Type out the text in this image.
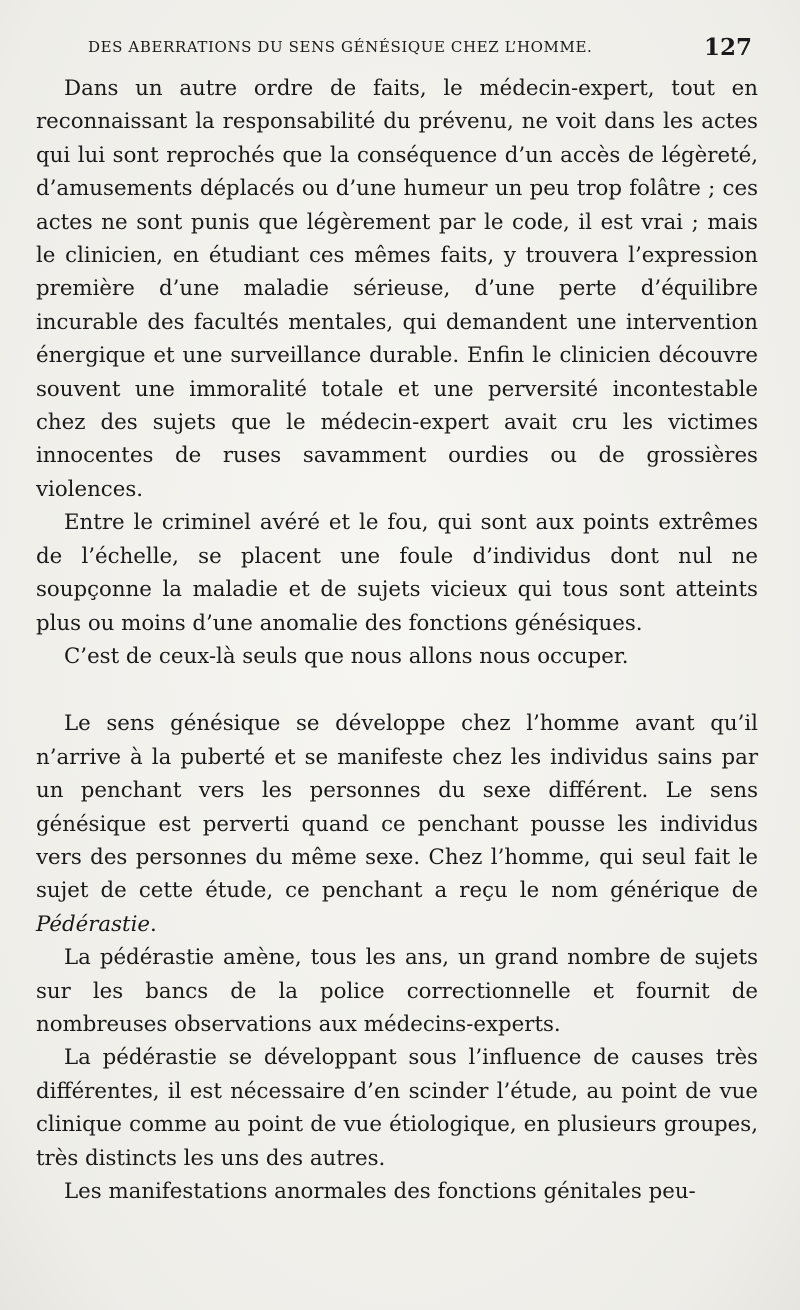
DES ABERRATIONS DU SENS GÉNÉSIQUE CHEZ L’HOMME.	127

Dans un autre ordre de faits, le médecin-expert, tout en reconnaissant la responsabilité du prévenu, ne voit dans les actes qui lui sont reprochés que la conséquence d’un accès de légèreté, d’amusements déplacés ou d’une humeur un peu trop folâtre ; ces actes ne sont punis que légèrement par le code, il est vrai ; mais le clinicien, en étudiant ces mêmes faits, y trouvera l’expression première d’une maladie sérieuse, d’une perte d’équilibre incurable des facultés mentales, qui demandent une intervention énergique et une surveillance durable. Enfin le clinicien découvre souvent une immoralité totale et une perversité incontestable chez des sujets que le médecin-expert avait cru les victimes innocentes de ruses savamment ourdies ou de grossières violences.

Entre le criminel avéré et le fou, qui sont aux points extrêmes de l’échelle, se placent une foule d’individus dont nul ne soupçonne la maladie et de sujets vicieux qui tous sont atteints plus ou moins d’une anomalie des fonctions génésiques.

C’est de ceux-là seuls que nous allons nous occuper.

Le sens génésique se développe chez l’homme avant qu’il n’arrive à la puberté et se manifeste chez les individus sains par un penchant vers les personnes du sexe différent. Le sens génésique est perverti quand ce penchant pousse les individus vers des personnes du même sexe. Chez l’homme, qui seul fait le sujet de cette étude, ce penchant a reçu le nom générique de Pédérastie.

La pédérastie amène, tous les ans, un grand nombre de sujets sur les bancs de la police correctionnelle et fournit de nombreuses observations aux médecins-experts.

La pédérastie se développant sous l’influence de causes très différentes, il est nécessaire d’en scinder l’étude, au point de vue clinique comme au point de vue étiologique, en plusieurs groupes, très distincts les uns des autres.

Les manifestations anormales des fonctions génitales peu-
